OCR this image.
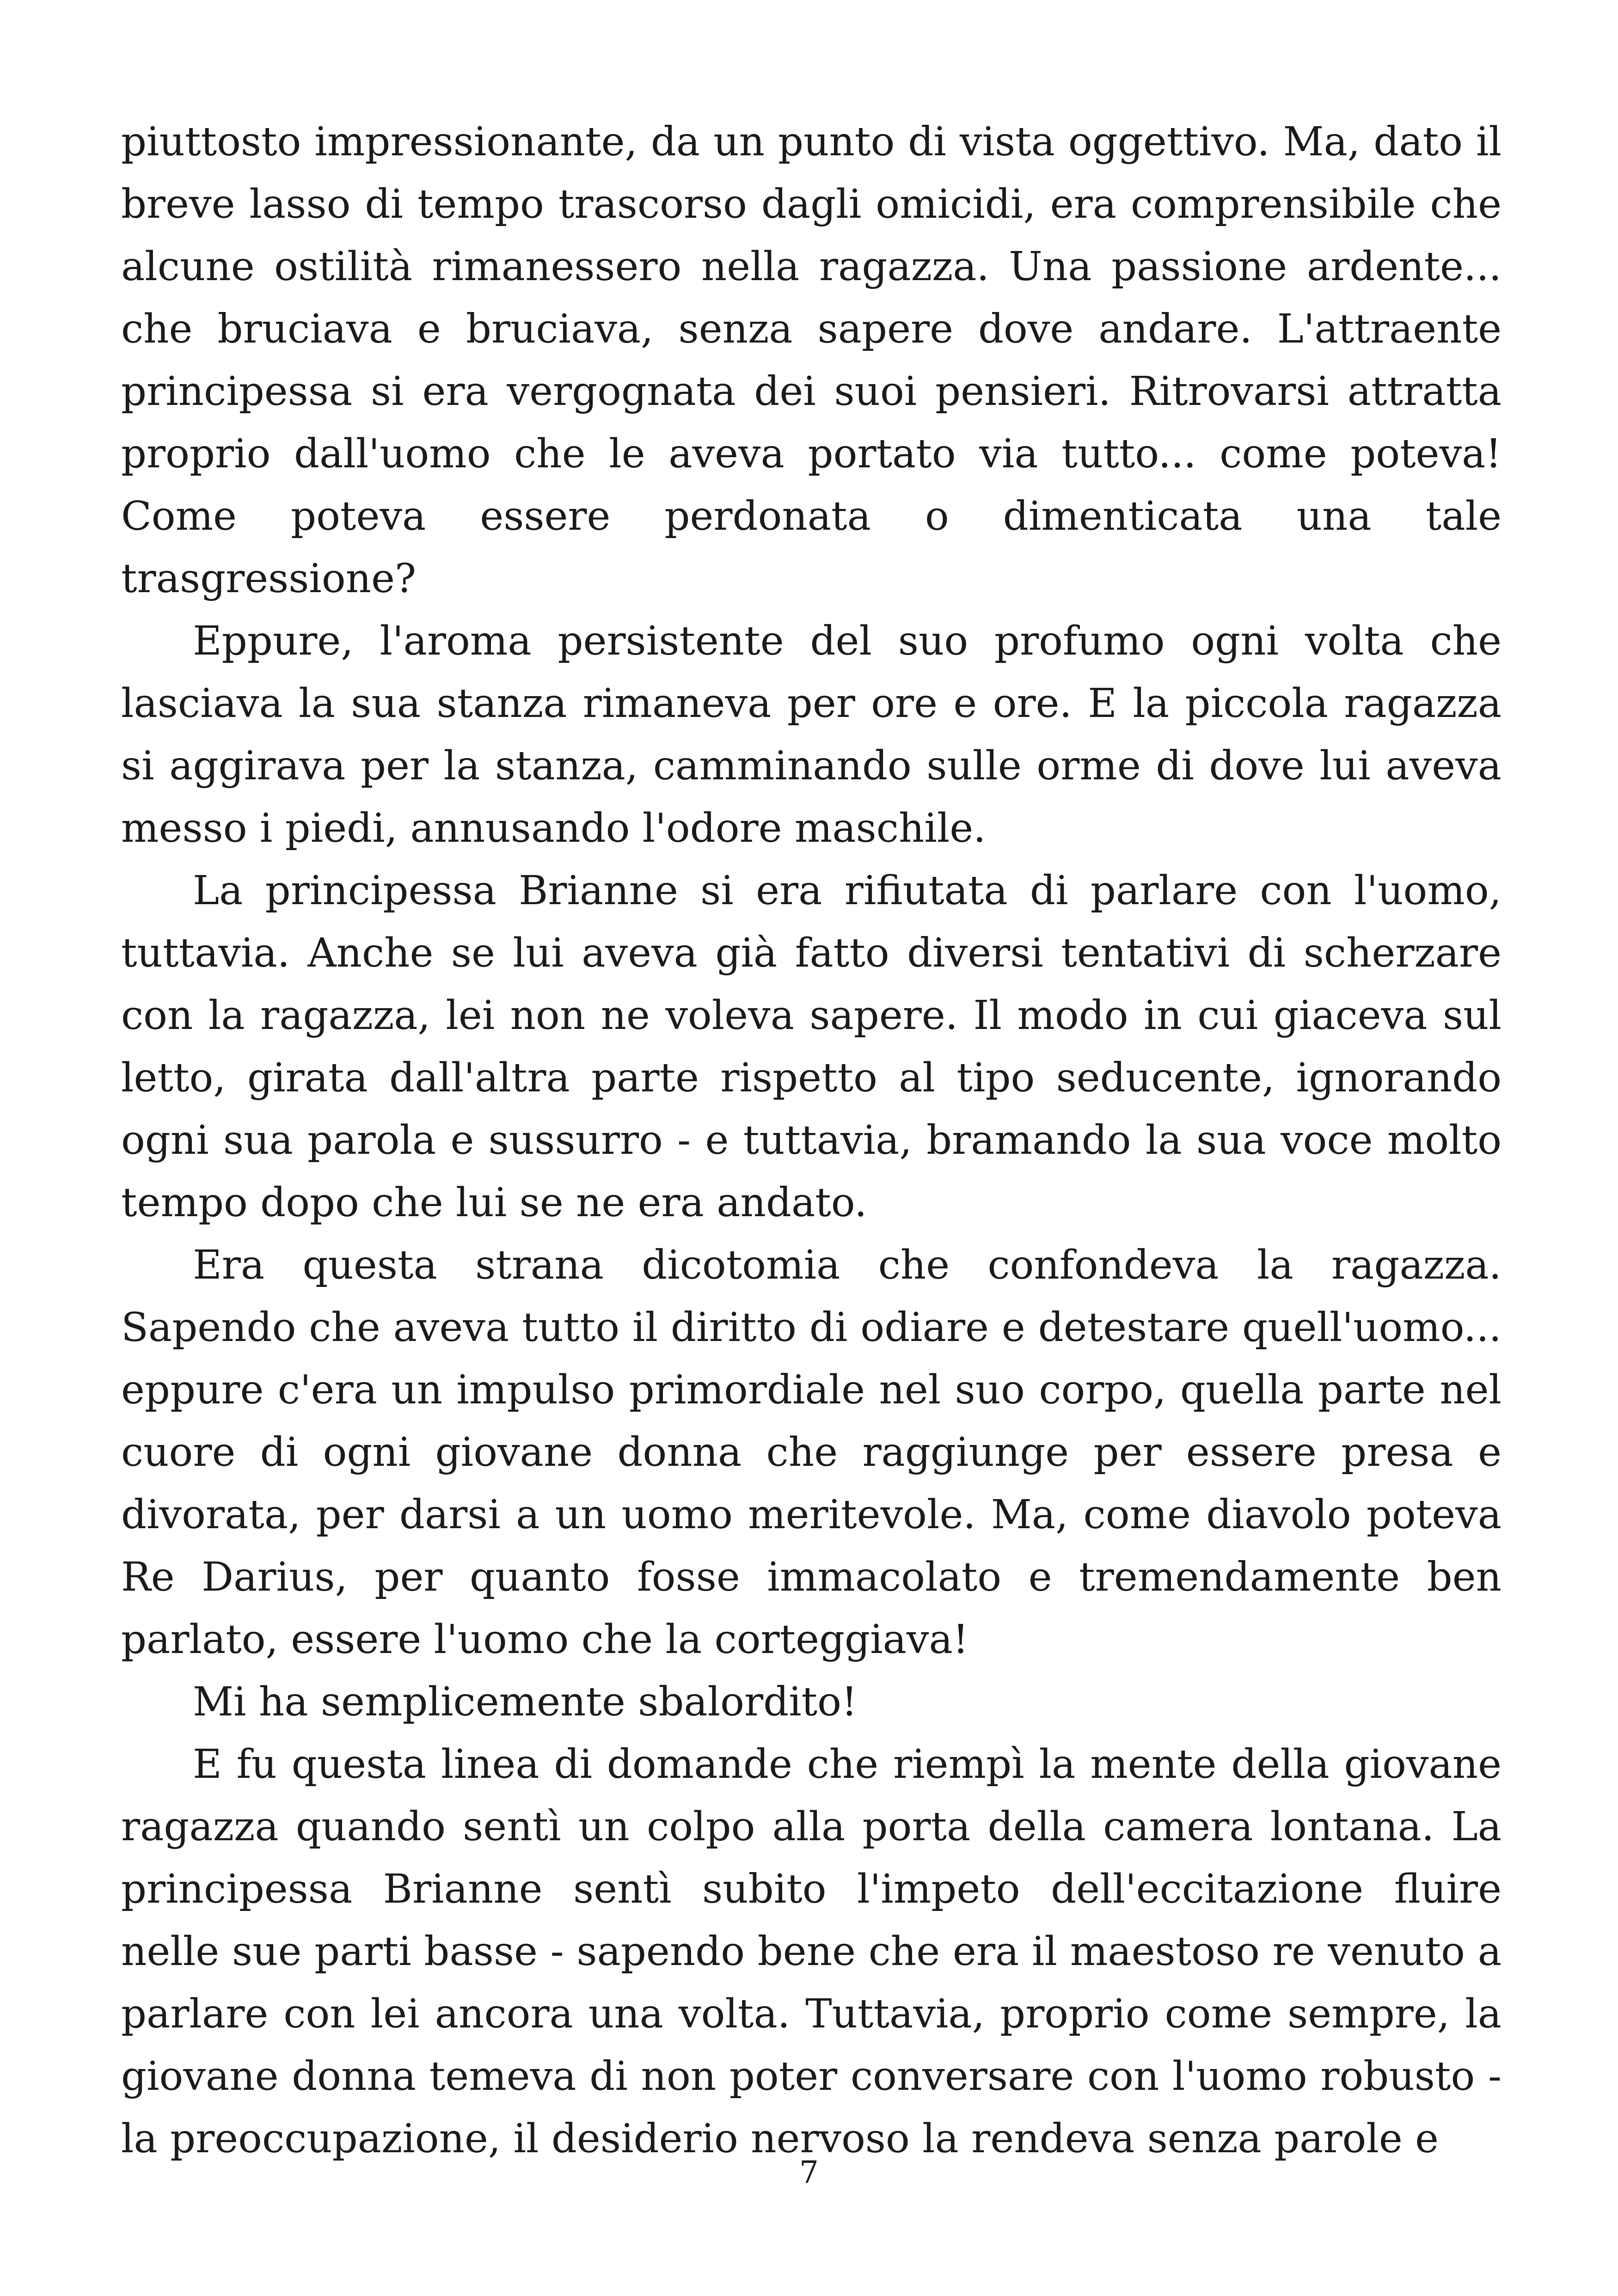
piuttosto impressionante, da un punto di vista oggettivo. Ma, dato il breve lasso di tempo trascorso dagli omicidi, era comprensibile che alcune ostilità rimanessero nella ragazza. Una passione ardente... che bruciava e bruciava, senza sapere dove andare. L'attraente principessa si era vergognata dei suoi pensieri. Ritrovarsi attratta proprio dall'uomo che le aveva portato via tutto... come poteva! Come poteva essere perdonata o dimenticata una tale trasgressione?

Eppure, l'aroma persistente del suo profumo ogni volta che lasciava la sua stanza rimaneva per ore e ore. E la piccola ragazza si aggirava per la stanza, camminando sulle orme di dove lui aveva messo i piedi, annusando l'odore maschile.

La principessa Brianne si era rifiutata di parlare con l'uomo, tuttavia. Anche se lui aveva già fatto diversi tentativi di scherzare con la ragazza, lei non ne voleva sapere. Il modo in cui giaceva sul letto, girata dall'altra parte rispetto al tipo seducente, ignorando ogni sua parola e sussurro - e tuttavia, bramando la sua voce molto tempo dopo che lui se ne era andato.

Era questa strana dicotomia che confondeva la ragazza. Sapendo che aveva tutto il diritto di odiare e detestare quell'uomo... eppure c'era un impulso primordiale nel suo corpo, quella parte nel cuore di ogni giovane donna che raggiunge per essere presa e divorata, per darsi a un uomo meritevole. Ma, come diavolo poteva Re Darius, per quanto fosse immacolato e tremendamente ben parlato, essere l'uomo che la corteggiava!

Mi ha semplicemente sbalordito!

E fu questa linea di domande che riempì la mente della giovane ragazza quando sentì un colpo alla porta della camera lontana. La principessa Brianne sentì subito l'impeto dell'eccitazione fluire nelle sue parti basse - sapendo bene che era il maestoso re venuto a parlare con lei ancora una volta. Tuttavia, proprio come sempre, la giovane donna temeva di non poter conversare con l'uomo robusto - la preoccupazione, il desiderio nervoso la rendeva senza parole e

7
